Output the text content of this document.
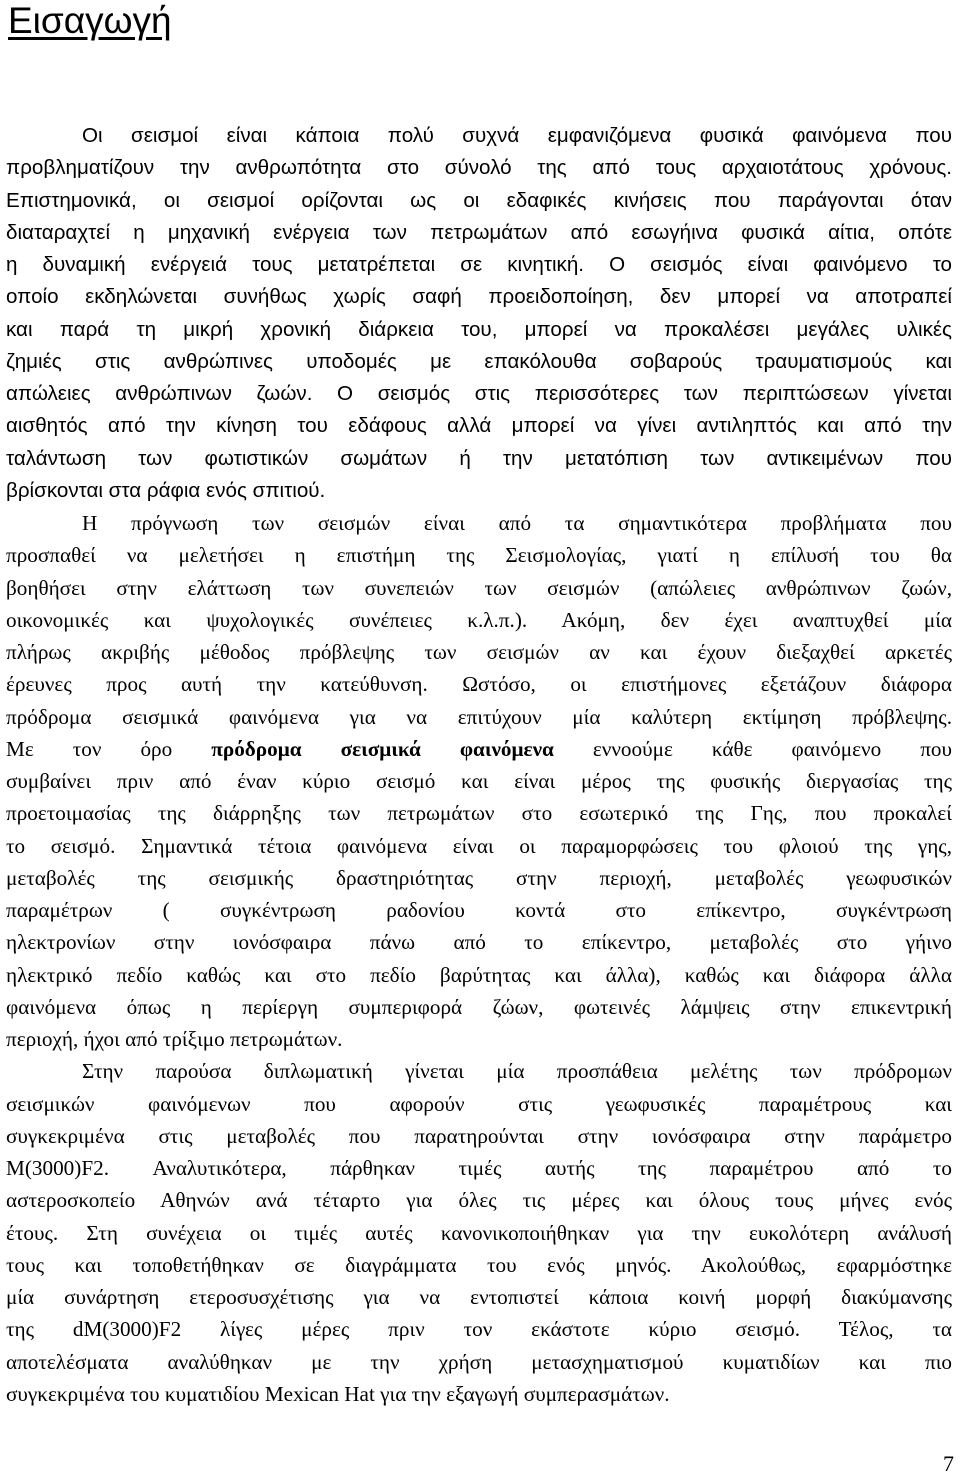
Εισαγωγή
Οι σεισμοί είναι κάποια πολύ συχνά εμφανιζόμενα φυσικά φαινόμενα που
προβληματίζουν την ανθρωπότητα στο σύνολό της από τους αρχαιοτάτους χρόνους.
Επιστημονικά, οι σεισμοί ορίζονται ως οι εδαφικές κινήσεις που παράγονται όταν
διαταραχτεί η μηχανική ενέργεια των πετρωμάτων από εσωγήινα φυσικά αίτια, οπότε
η δυναμική ενέργειά τους μετατρέπεται σε κινητική. Ο σεισμός είναι φαινόμενο το
οποίο εκδηλώνεται συνήθως χωρίς σαφή προειδοποίηση, δεν μπορεί να αποτραπεί
και παρά τη μικρή χρονική διάρκεια του, μπορεί να προκαλέσει μεγάλες υλικές
ζημιές στις ανθρώπινες υποδομές με επακόλουθα σοβαρούς τραυματισμούς και
απώλειες ανθρώπινων ζωών. Ο σεισμός στις περισσότερες των περιπτώσεων γίνεται
αισθητός από την κίνηση του εδάφους αλλά μπορεί να γίνει αντιληπτός και από την
ταλάντωση των φωτιστικών σωμάτων ή την μετατόπιση των αντικειμένων που
βρίσκονται στα ράφια ενός σπιτιού.
Η πρόγνωση των σεισμών είναι από τα σημαντικότερα προβλήματα που
προσπαθεί να μελετήσει η επιστήμη της Σεισμολογίας, γιατί η επίλυσή του θα
βοηθήσει στην ελάττωση των συνεπειών των σεισμών (απώλειες ανθρώπινων ζωών,
οικονομικές και ψυχολογικές συνέπειες κ.λ.π.). Ακόμη, δεν έχει αναπτυχθεί μία
πλήρως ακριβής μέθοδος πρόβλεψης των σεισμών αν και έχουν διεξαχθεί αρκετές
έρευνες προς αυτή την κατεύθυνση. Ωστόσο, οι επιστήμονες εξετάζουν διάφορα
πρόδρομα σεισμικά φαινόμενα για να επιτύχουν μία καλύτερη εκτίμηση πρόβλεψης.
Με τον όρο πρόδρομα σεισμικά φαινόμενα εννοούμε κάθε φαινόμενο που
συμβαίνει πριν από έναν κύριο σεισμό και είναι μέρος της φυσικής διεργασίας της
προετοιμασίας της διάρρηξης των πετρωμάτων στο εσωτερικό της Γης, που προκαλεί
το σεισμό. Σημαντικά τέτοια φαινόμενα είναι οι παραμορφώσεις του φλοιού της γης,
μεταβολές της σεισμικής δραστηριότητας στην περιοχή, μεταβολές γεωφυσικών
παραμέτρων ( συγκέντρωση ραδονίου κοντά στο επίκεντρο, συγκέντρωση
ηλεκτρονίων στην ιονόσφαιρα πάνω από το επίκεντρο, μεταβολές στο γήινο
ηλεκτρικό πεδίο καθώς και στο πεδίο βαρύτητας και άλλα), καθώς και διάφορα άλλα
φαινόμενα όπως η περίεργη συμπεριφορά ζώων, φωτεινές λάμψεις στην επικεντρική
περιοχή, ήχοι από τρίξιμο πετρωμάτων.
Στην παρούσα διπλωματική γίνεται μία προσπάθεια μελέτης των πρόδρομων
σεισμικών φαινόμενων που αφορούν στις γεωφυσικές παραμέτρους και
συγκεκριμένα στις μεταβολές που παρατηρούνται στην ιονόσφαιρα στην παράμετρο
Μ(3000)F2. Αναλυτικότερα, πάρθηκαν τιμές αυτής της παραμέτρου από το
αστεροσκοπείο Αθηνών ανά τέταρτο για όλες τις μέρες και όλους τους μήνες ενός
έτους. Στη συνέχεια οι τιμές αυτές κανονικοποιήθηκαν για την ευκολότερη ανάλυσή
τους και τοποθετήθηκαν σε διαγράμματα του ενός μηνός. Ακολούθως, εφαρμόστηκε
μία συνάρτηση ετεροσυσχέτισης για να εντοπιστεί κάποια κοινή μορφή διακύμανσης
της dM(3000)F2 λίγες μέρες πριν τον εκάστοτε κύριο σεισμό. Τέλος, τα
αποτελέσματα αναλύθηκαν με την χρήση μετασχηματισμού κυματιδίων και πιο
συγκεκριμένα του κυματιδίου Mexican Hat για την εξαγωγή συμπερασμάτων.
7
